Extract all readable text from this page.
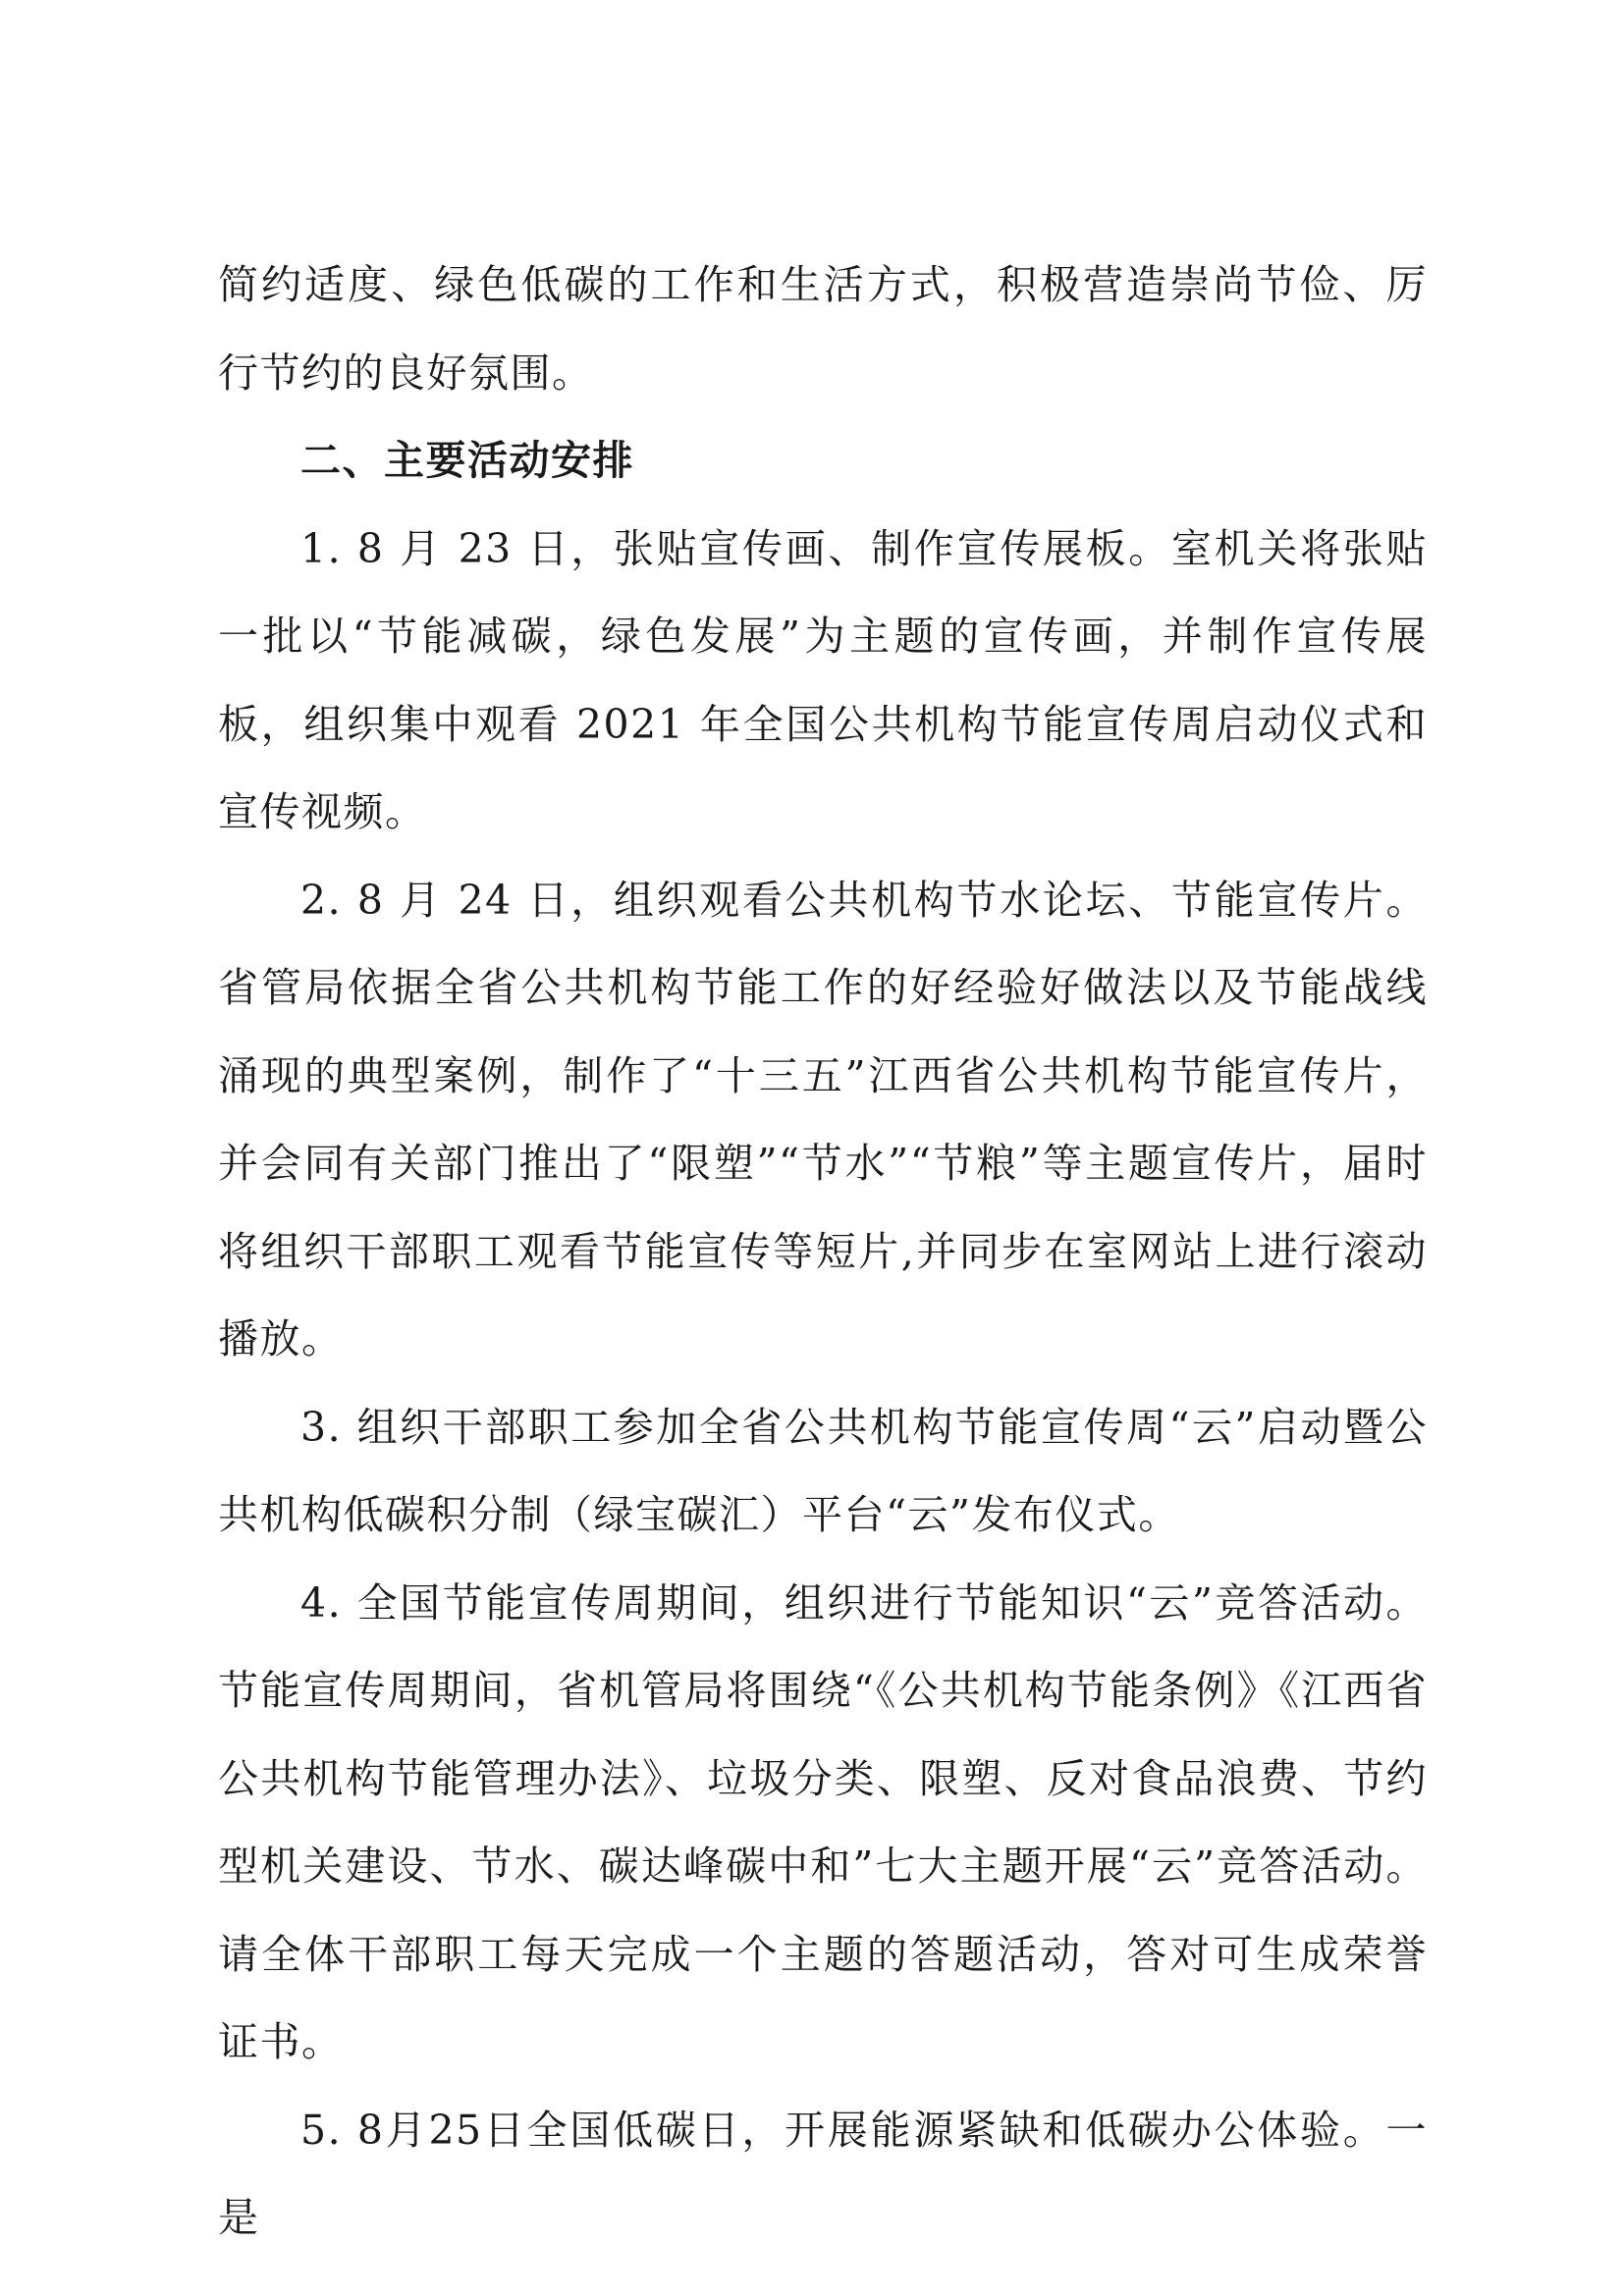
简约适度、绿色低碳的工作和生活方式，积极营造崇尚节俭、厉行节约的良好氛围。

二、主要活动安排

1. 8 月 23 日，张贴宣传画、制作宣传展板。室机关将张贴一批以“节能减碳，绿色发展”为主题的宣传画，并制作宣传展板，组织集中观看 2021 年全国公共机构节能宣传周启动仪式和宣传视频。

2. 8 月 24 日，组织观看公共机构节水论坛、节能宣传片。省管局依据全省公共机构节能工作的好经验好做法以及节能战线涌现的典型案例，制作了“十三五”江西省公共机构节能宣传片，并会同有关部门推出了“限塑”“节水”“节粮”等主题宣传片，届时将组织干部职工观看节能宣传等短片,并同步在室网站上进行滚动播放。

3. 组织干部职工参加全省公共机构节能宣传周“云”启动暨公共机构低碳积分制（绿宝碳汇）平台“云”发布仪式。

4. 全国节能宣传周期间，组织进行节能知识“云”竞答活动。节能宣传周期间，省机管局将围绕“《公共机构节能条例》《江西省公共机构节能管理办法》、垃圾分类、限塑、反对食品浪费、节约型机关建设、节水、碳达峰碳中和”七大主题开展“云”竞答活动。请全体干部职工每天完成一个主题的答题活动，答对可生成荣誉证书。

5. 8月25日全国低碳日，开展能源紧缺和低碳办公体验。一是
